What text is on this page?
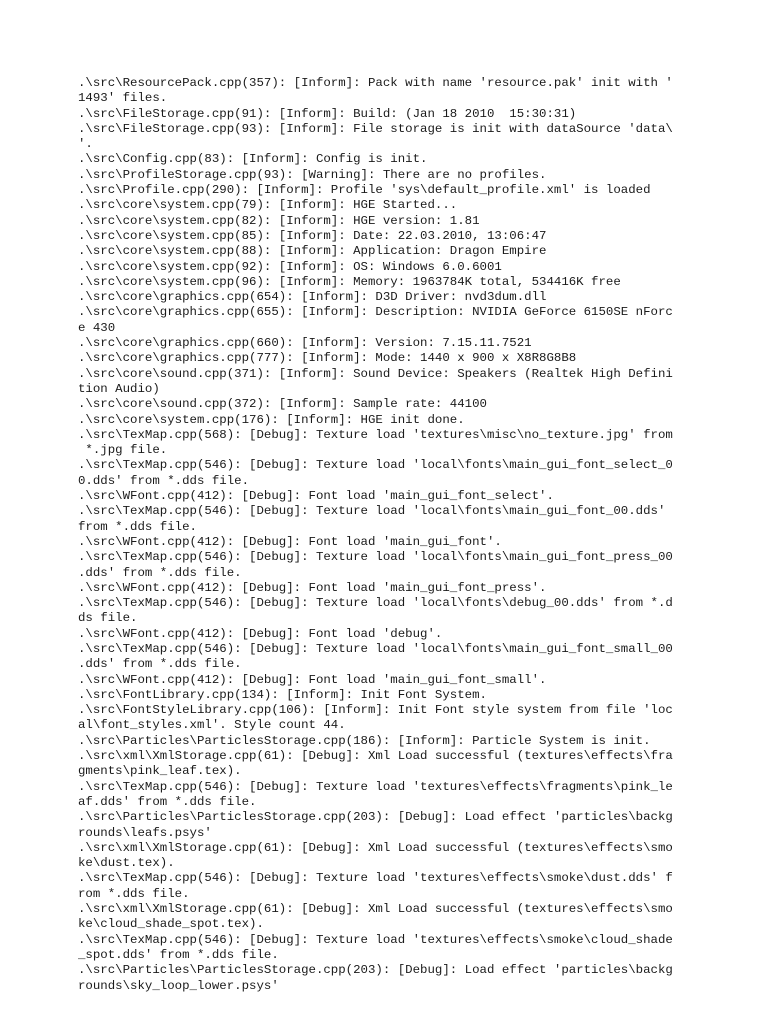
.\src\ResourcePack.cpp(357): [Inform]: Pack with name 'resource.pak' init with '
1493' files.
.\src\FileStorage.cpp(91): [Inform]: Build: (Jan 18 2010  15:30:31)
.\src\FileStorage.cpp(93): [Inform]: File storage is init with dataSource 'data\
'.
.\src\Config.cpp(83): [Inform]: Config is init.
.\src\ProfileStorage.cpp(93): [Warning]: There are no profiles.
.\src\Profile.cpp(290): [Inform]: Profile 'sys\default_profile.xml' is loaded
.\src\core\system.cpp(79): [Inform]: HGE Started...
.\src\core\system.cpp(82): [Inform]: HGE version: 1.81
.\src\core\system.cpp(85): [Inform]: Date: 22.03.2010, 13:06:47
.\src\core\system.cpp(88): [Inform]: Application: Dragon Empire
.\src\core\system.cpp(92): [Inform]: OS: Windows 6.0.6001
.\src\core\system.cpp(96): [Inform]: Memory: 1963784K total, 534416K free
.\src\core\graphics.cpp(654): [Inform]: D3D Driver: nvd3dum.dll
.\src\core\graphics.cpp(655): [Inform]: Description: NVIDIA GeForce 6150SE nForc
e 430
.\src\core\graphics.cpp(660): [Inform]: Version: 7.15.11.7521
.\src\core\graphics.cpp(777): [Inform]: Mode: 1440 x 900 x X8R8G8B8
.\src\core\sound.cpp(371): [Inform]: Sound Device: Speakers (Realtek High Defini
tion Audio)
.\src\core\sound.cpp(372): [Inform]: Sample rate: 44100
.\src\core\system.cpp(176): [Inform]: HGE init done.
.\src\TexMap.cpp(568): [Debug]: Texture load 'textures\misc\no_texture.jpg' from
*.jpg file.
.\src\TexMap.cpp(546): [Debug]: Texture load 'local\fonts\main_gui_font_select_0
0.dds' from *.dds file.
.\src\WFont.cpp(412): [Debug]: Font load 'main_gui_font_select'.
.\src\TexMap.cpp(546): [Debug]: Texture load 'local\fonts\main_gui_font_00.dds'
from *.dds file.
.\src\WFont.cpp(412): [Debug]: Font load 'main_gui_font'.
.\src\TexMap.cpp(546): [Debug]: Texture load 'local\fonts\main_gui_font_press_00
.dds' from *.dds file.
.\src\WFont.cpp(412): [Debug]: Font load 'main_gui_font_press'.
.\src\TexMap.cpp(546): [Debug]: Texture load 'local\fonts\debug_00.dds' from *.d
ds file.
.\src\WFont.cpp(412): [Debug]: Font load 'debug'.
.\src\TexMap.cpp(546): [Debug]: Texture load 'local\fonts\main_gui_font_small_00
.dds' from *.dds file.
.\src\WFont.cpp(412): [Debug]: Font load 'main_gui_font_small'.
.\src\FontLibrary.cpp(134): [Inform]: Init Font System.
.\src\FontStyleLibrary.cpp(106): [Inform]: Init Font style system from file 'loc
al\font_styles.xml'. Style count 44.
.\src\Particles\ParticlesStorage.cpp(186): [Inform]: Particle System is init.
.\src\xml\XmlStorage.cpp(61): [Debug]: Xml Load successful (textures\effects\fra
gments\pink_leaf.tex).
.\src\TexMap.cpp(546): [Debug]: Texture load 'textures\effects\fragments\pink_le
af.dds' from *.dds file.
.\src\Particles\ParticlesStorage.cpp(203): [Debug]: Load effect 'particles\backg
rounds\leafs.psys'
.\src\xml\XmlStorage.cpp(61): [Debug]: Xml Load successful (textures\effects\smo
ke\dust.tex).
.\src\TexMap.cpp(546): [Debug]: Texture load 'textures\effects\smoke\dust.dds' f
rom *.dds file.
.\src\xml\XmlStorage.cpp(61): [Debug]: Xml Load successful (textures\effects\smo
ke\cloud_shade_spot.tex).
.\src\TexMap.cpp(546): [Debug]: Texture load 'textures\effects\smoke\cloud_shade
_spot.dds' from *.dds file.
.\src\Particles\ParticlesStorage.cpp(203): [Debug]: Load effect 'particles\backg
rounds\sky_loop_lower.psys'
